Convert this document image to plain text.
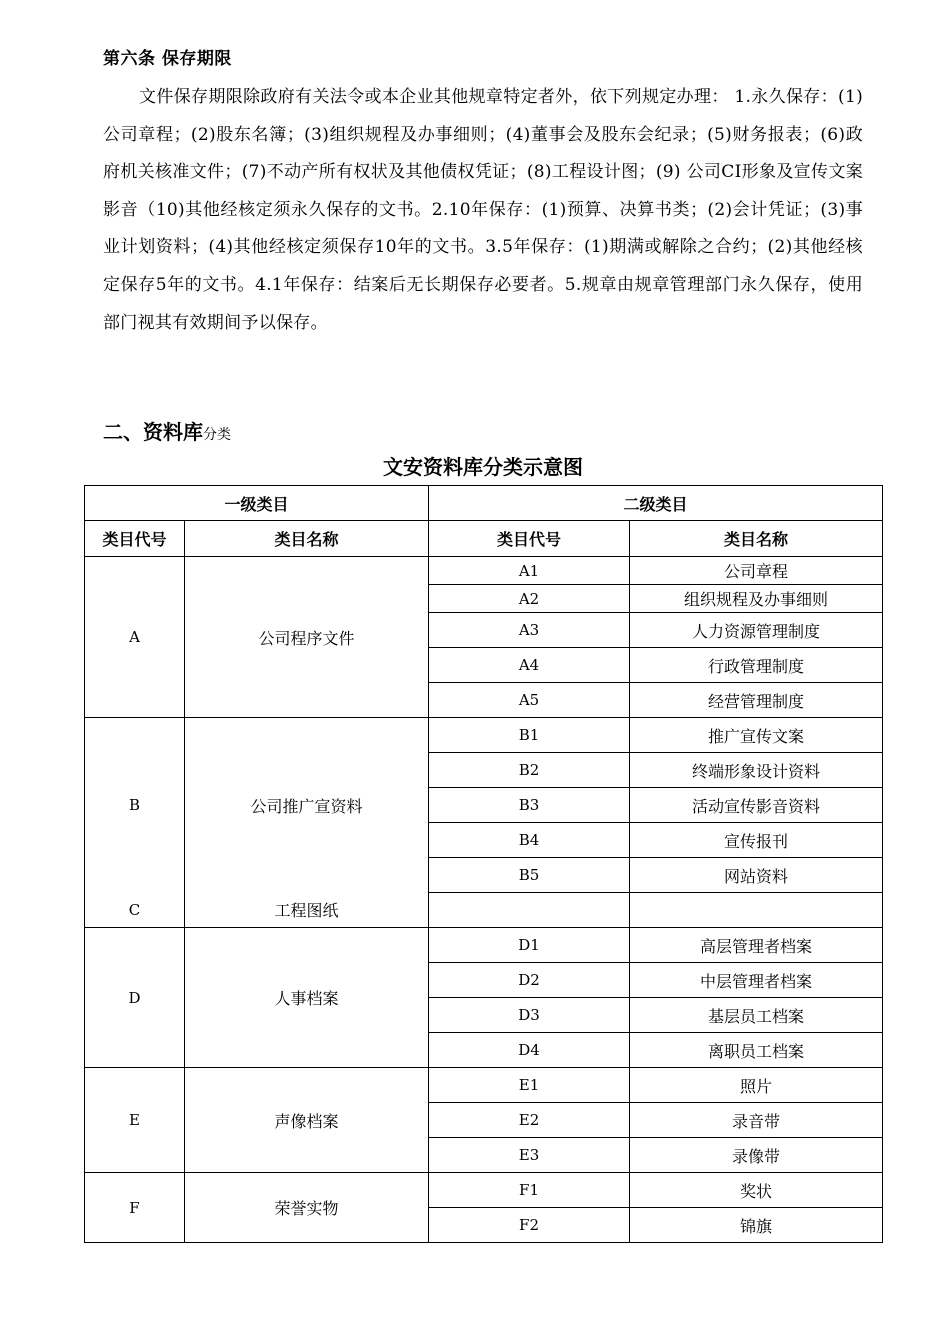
第六条 保存期限
文件保存期限除政府有关法令或本企业其他规章特定者外，依下列规定办理： 1.永久保存：(1)公司章程；(2)股东名簿；(3)组织规程及办事细则；(4)董事会及股东会纪录；(5)财务报表；(6)政府机关核准文件；(7)不动产所有权状及其他债权凭证；(8)工程设计图；(9) 公司CI形象及宣传文案影音（10)其他经核定须永久保存的文书。2.10年保存：(1)预算、决算书类；(2)会计凭证；(3)事业计划资料；(4)其他经核定须保存10年的文书。3.5年保存：(1)期满或解除之合约；(2)其他经核定保存5年的文书。4.1年保存：结案后无长期保存必要者。5.规章由规章管理部门永久保存，使用部门视其有效期间予以保存。
二、资料库分类
文安资料库分类示意图
一级类目		二级类目	
类目代号	类目名称	类目代号	类目名称
A	公司程序文件	A1	公司章程
		A2	组织规程及办事细则
		A3	人力资源管理制度
		A4	行政管理制度
		A5	经营管理制度
B	公司推广宣资料	B1	推广宣传文案
		B2	终端形象设计资料
		B3	活动宣传影音资料
		B4	宣传报刊
		B5	网站资料
C	工程图纸		
D	人事档案	D1	高层管理者档案
		D2	中层管理者档案
		D3	基层员工档案
		D4	离职员工档案
E	声像档案	E1	照片
		E2	录音带
		E3	录像带
F	荣誉实物	F1	奖状
		F2	锦旗
